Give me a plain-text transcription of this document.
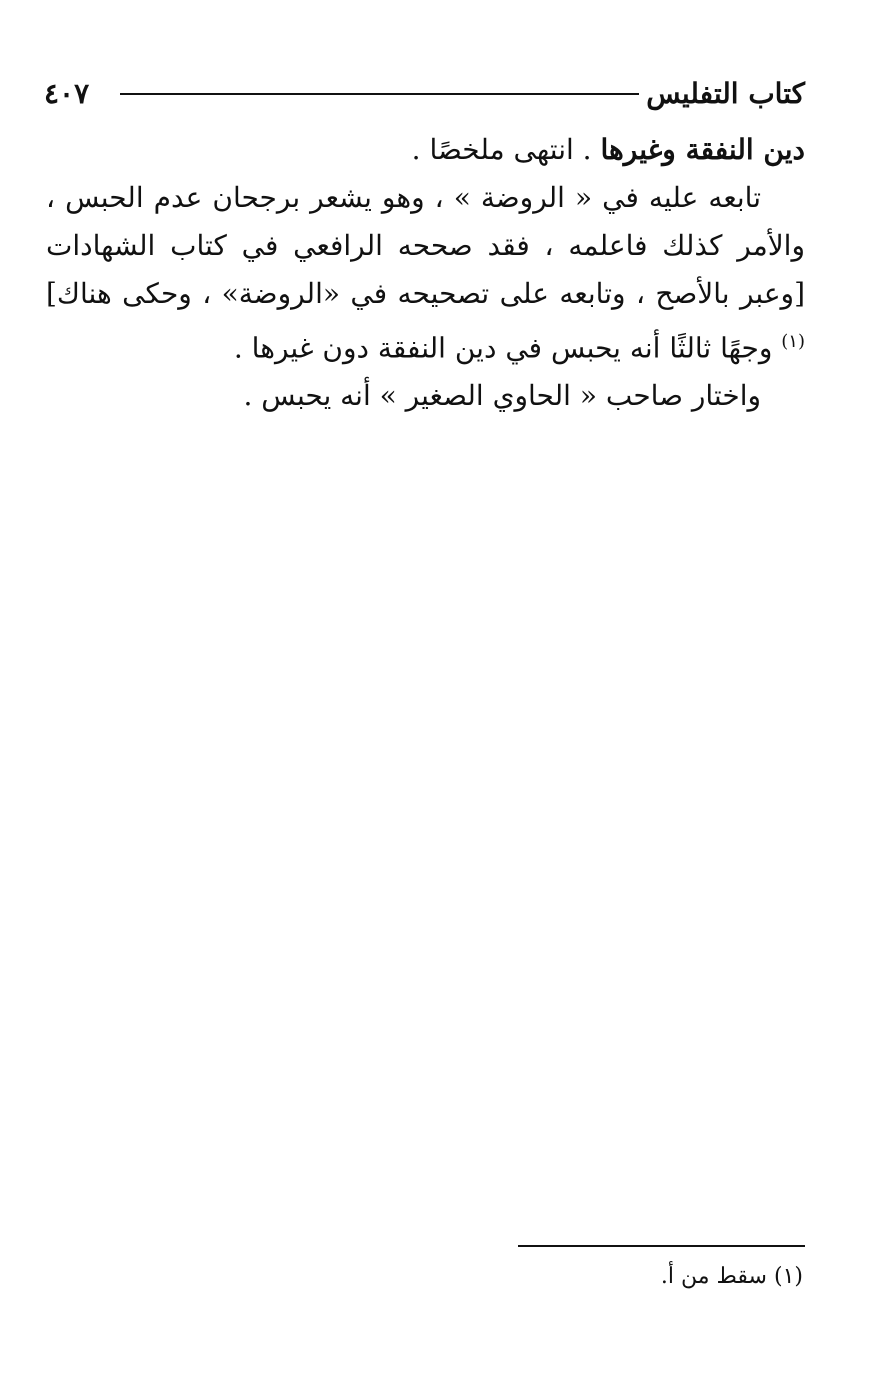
كتاب التفليس
٤٠٧

دين النفقة وغيرها . انتهى ملخصًا .

تابعه عليه في « الروضة » ، وهو يشعر برجحان عدم الحبس ، والأمر كذلك فاعلمه ، فقد صححه الرافعي في كتاب الشهادات [وعبر بالأصح ، وتابعه على تصحيحه في «الروضة» ، وحكى هناك] $^{(١)}$ وجهًا ثالثًا أنه يحبس في دين النفقة دون غيرها .

واختار صاحب « الحاوي الصغير » أنه يحبس .

(١) سقط من أ.
